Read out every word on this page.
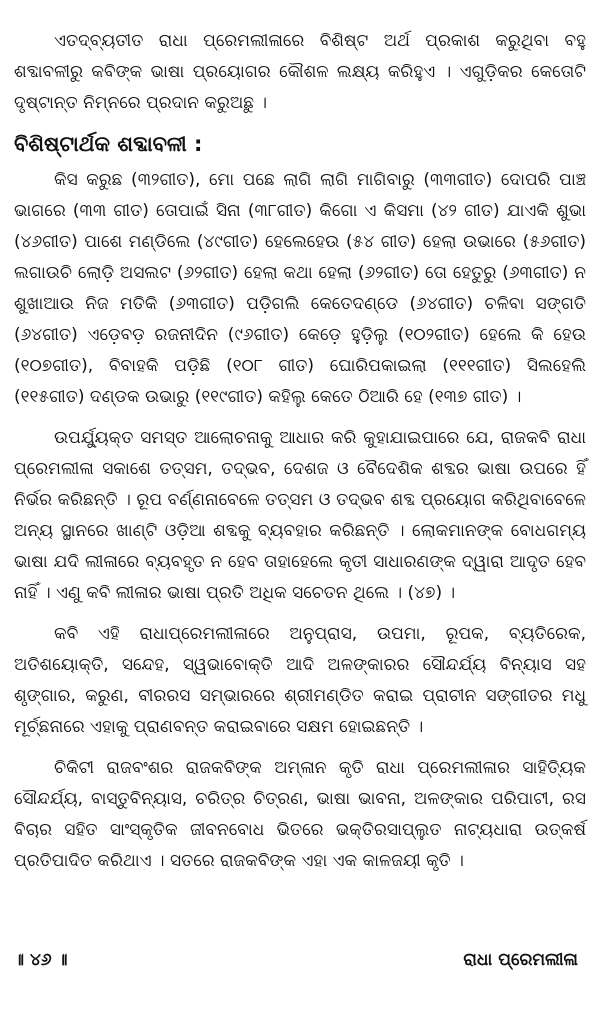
ଏତଦ୍‌ବ୍ୟତୀତ ରାଧା ପ୍ରେମଲୀଳାରେ ବିଶିଷ୍ଟ ଅର୍ଥ ପ୍ରକାଶ କରୁଥିବା ବହୁ ଶବ୍ଦାବଳୀରୁ କବିଙ୍କ ଭାଷା ପ୍ରୟୋଗର କୌଶଳ ଲକ୍ଷ୍ୟ କରିହୁଏ । ଏଗୁଡ଼ିକର କେତୋଟି ଦୃଷ୍ଟାନ୍ତ ନିମ୍ନରେ ପ୍ରଦାନ କରୁଅଛୁ ।

ବିଶିଷ୍ଟାର୍ଥକ ଶବ୍ଦାବଳୀ :

କିସ କରୁଛ (୩୨ଗୀତ), ମୋ ପଛେ ଲାଗି ଲାଗି ମାଗିବାରୁ (୩୩ଗୀତ) ଦୋପରି ପାଞ୍ଚ ଭାଗରେ (୩୩ ଗୀତ) ତୋପାଇଁ ସିନା (୩୮ଗୀତ) କିଗୋ ଏ କିସମା (୪୨ ଗୀତ) ଯାଏକି ଶୁଭା (୪୬ଗୀତ) ପାଶେ ମଣ୍ଡିଲେ (୪୯ଗୀତ) ହେଲେହେଉ (୫୪ ଗୀତ) ହେଲା ଉଭାରେ (୫୬ଗୀତ) ଲଗାଉଚି ଲୋଡ଼ି ଅସଲଟ (୬୨ଗୀତ) ହେଲା କଥା ହେଲା (୬୨ଗୀତ) ତୋ ହେତୁରୁ (୬୩ଗୀତ) ନ ଶୁଖାଆଉ ନିଜ ମତିକି (୬୩ଗୀତ) ପଡ଼ିଗଲି କେତେଦଣ୍ଡେ (୬୪ଗୀତ) ଚଳିବା ସଙ୍ଗତି (୬୪ଗୀତ) ଏଡ଼େବଡ଼ ରଜନୀଦିନ (୯୬ଗୀତ) କେଡ଼େ ହୁଡ଼ିଲୁ (୧୦୨ଗୀତ) ହେଲେ କି ହେଉ (୧୦୭ଗୀତ), ବିବାହକି ପଡ଼ିଛି (୧୦୮ ଗୀତ) ଘୋରିପକାଇଲା (୧୧୧ଗୀତ) ସିଲହେଲି (୧୧୫ଗୀତ) ଦଣ୍ଡକ ଉଭାରୁ (୧୧୯ଗୀତ) କହିଲୁ କେତେ ଠିଆରି ହେ (୧୩୭ ଗୀତ) ।

ଉପର୍ଯ୍ୟୁକ୍ତ ସମସ୍ତ ଆଲୋଚନାକୁ ଆଧାର କରି କୁହାଯାଇପାରେ ଯେ, ରାଜକବି ରାଧା ପ୍ରେମଲୀଳା ସକାଶେ ତତ୍‌ସମ, ତଦ୍‌ଭବ, ଦେଶଜ ଓ ବୈଦେଶିକ ଶବ୍ଦର ଭାଷା ଉପରେ ହିଁ ନିର୍ଭର କରିଛନ୍ତି । ରୂପ ବର୍ଣ୍ଣନାବେଳେ ତତ୍‌ସମ ଓ ତଦ୍‌ଭବ ଶବ୍ଦ ପ୍ରୟୋଗ କରିଥିବାବେଳେ ଅନ୍ୟ ସ୍ଥାନରେ ଖାଣ୍ଟି ଓଡ଼ିଆ ଶବ୍ଦକୁ ବ୍ୟବହାର କରିଛନ୍ତି । ଲୋକମାନଙ୍କ ବୋଧଗମ୍ୟ ଭାଷା ଯଦି ଲୀଳାରେ ବ୍ୟବହୃତ ନ ହେବ ତାହାହେଲେ କୃତୀ ସାଧାରଣଙ୍କ ଦ୍ୱାରା ଆଦୃତ ହେବ ନାହିଁ । ଏଣୁ କବି ଲୀଳାର ଭାଷା ପ୍ରତି ଅଧିକ ସଚେତନ ଥିଲେ । (୪୭) ।

କବି ଏହି ରାଧାପ୍ରେମଲୀଳାରେ ଅନୁପ୍ରାସ, ଉପମା, ରୂପକ, ବ୍ୟତିରେକ, ଅତିଶୟୋକ୍ତି, ସନ୍ଦେହ, ସ୍ୱଭାବୋକ୍ତି ଆଦି ଅଳଙ୍କାରର ସୌନ୍ଦର୍ଯ୍ୟ ବିନ୍ୟାସ ସହ ଶୃଙ୍ଗାର, କରୁଣ, ବୀରରସ ସମ୍ଭାରରେ ଶ୍ରୀମଣ୍ଡିତ କରାଇ ପ୍ରାଚୀନ ସଙ୍ଗୀତର ମଧୁ ମୂର୍ଚ୍ଛନାରେ ଏହାକୁ ପ୍ରାଣବନ୍ତ କରାଇବାରେ ସକ୍ଷମ ହୋଇଛନ୍ତି ।

ଚିକିଟୀ ରାଜବଂଶର ରାଜକବିଙ୍କ ଅମ୍ଳାନ କୃତି ରାଧା ପ୍ରେମଲୀଳାର ସାହିତ୍ୟିକ ସୌନ୍ଦର୍ଯ୍ୟ, ବାସ୍ତୁବିନ୍ୟାସ, ଚରିତ୍ର ଚିତ୍ରଣ, ଭାଷା ଭାବନା, ଅଳଙ୍କାର ପରିପାଟୀ, ରସ ବିଚାର ସହିତ ସାଂସ୍କୃତିକ ଜୀବନବୋଧ ଭିତରେ ଭକ୍ତିରସାପ୍ଲୁତ ନାଟ୍ୟଧାରା ଉତ୍କର୍ଷ ପ୍ରତିପାଦିତ କରିଥାଏ । ସତରେ ରାଜକବିଙ୍କ ଏହା ଏକ କାଳଜୟୀ କୃତି ।

॥ ୪୬ ॥	ରାଧା ପ୍ରେମଲୀଳା
